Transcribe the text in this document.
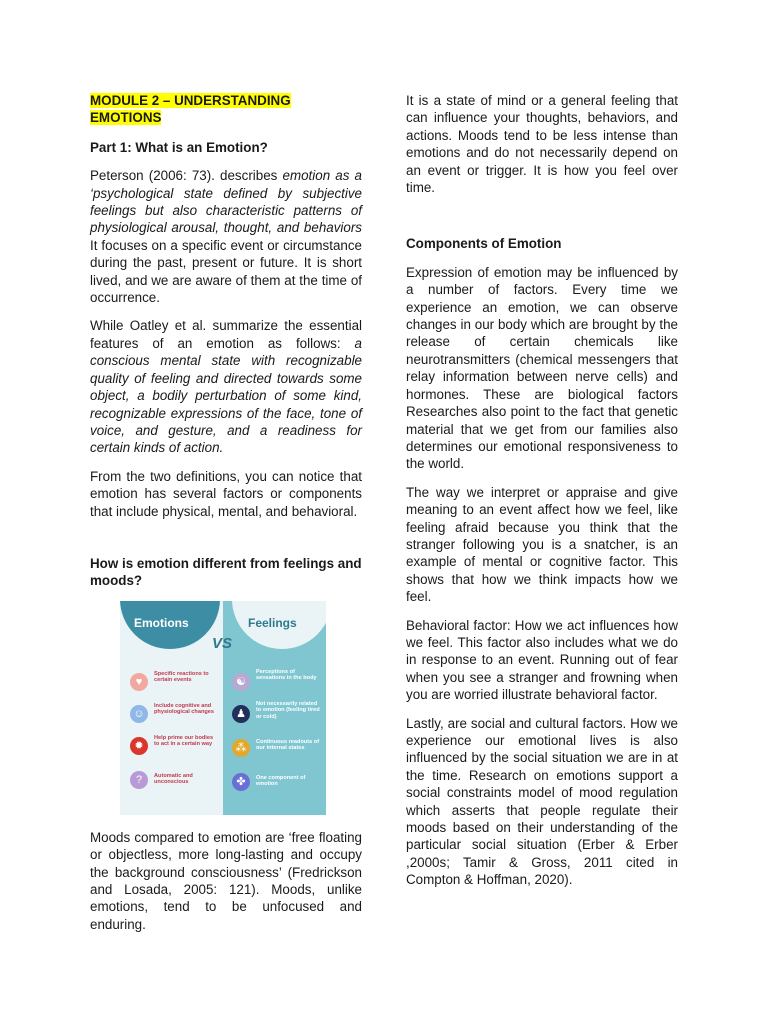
MODULE 2 – UNDERSTANDING EMOTIONS
Part 1: What is an Emotion?

Peterson (2006: 73). describes emotion as a ‘psychological state defined by subjective feelings but also characteristic patterns of physiological arousal, thought, and behaviors It focuses on a specific event or circumstance during the past, present or future. It is short lived, and we are aware of them at the time of occurrence.

While Oatley et al. summarize the essential features of an emotion as follows: a conscious mental state with recognizable quality of feeling and directed towards some object, a bodily perturbation of some kind, recognizable expressions of the face, tone of voice, and gesture, and a readiness for certain kinds of action.

From the two definitions, you can notice that emotion has several factors or components that include physical, mental, and behavioral.

How is emotion different from feelings and moods?
Emotions	Feelings
VS
♥
Specific reactions to certain events
☺
Include cognitive and physiological changes
✹
Help prime our bodies to act in a certain way
?	Automatic and unconscious
☯
Perceptions of sensations in the body
♟
Not necessarily related to emotion (feeling tired or cold)
⁂	Continuous readouts of our internal states
✤	One component of emotion

Moods compared to emotion are ‘free floating or objectless, more long-lasting and occupy the background consciousness’ (Fredrickson and Losada, 2005: 121). Moods, unlike emotions, tend to be unfocused and enduring.

It is a state of mind or a general feeling that can influence your thoughts, behaviors, and actions. Moods tend to be less intense than emotions and do not necessarily depend on an event or trigger. It is how you feel over time.

Components of Emotion

Expression of emotion may be influenced by a number of factors. Every time we experience an emotion, we can observe changes in our body which are brought by the release of certain chemicals like neurotransmitters (chemical messengers that relay information between nerve cells) and hormones. These are biological factors Researches also point to the fact that genetic material that we get from our families also determines our emotional responsiveness to the world.

The way we interpret or appraise and give meaning to an event affect how we feel, like feeling afraid because you think that the stranger following you is a snatcher, is an example of mental or cognitive factor. This shows that how we think impacts how we feel.

Behavioral factor: How we act influences how we feel. This factor also includes what we do in response to an event. Running out of fear when you see a stranger and frowning when you are worried illustrate behavioral factor.

Lastly, are social and cultural factors. How we experience our emotional lives is also influenced by the social situation we are in at the time. Research on emotions support a social constraints model of mood regulation which asserts that people regulate their moods based on their understanding of the particular social situation (Erber & Erber ,2000s; Tamir & Gross, 2011 cited in Compton & Hoffman, 2020).
